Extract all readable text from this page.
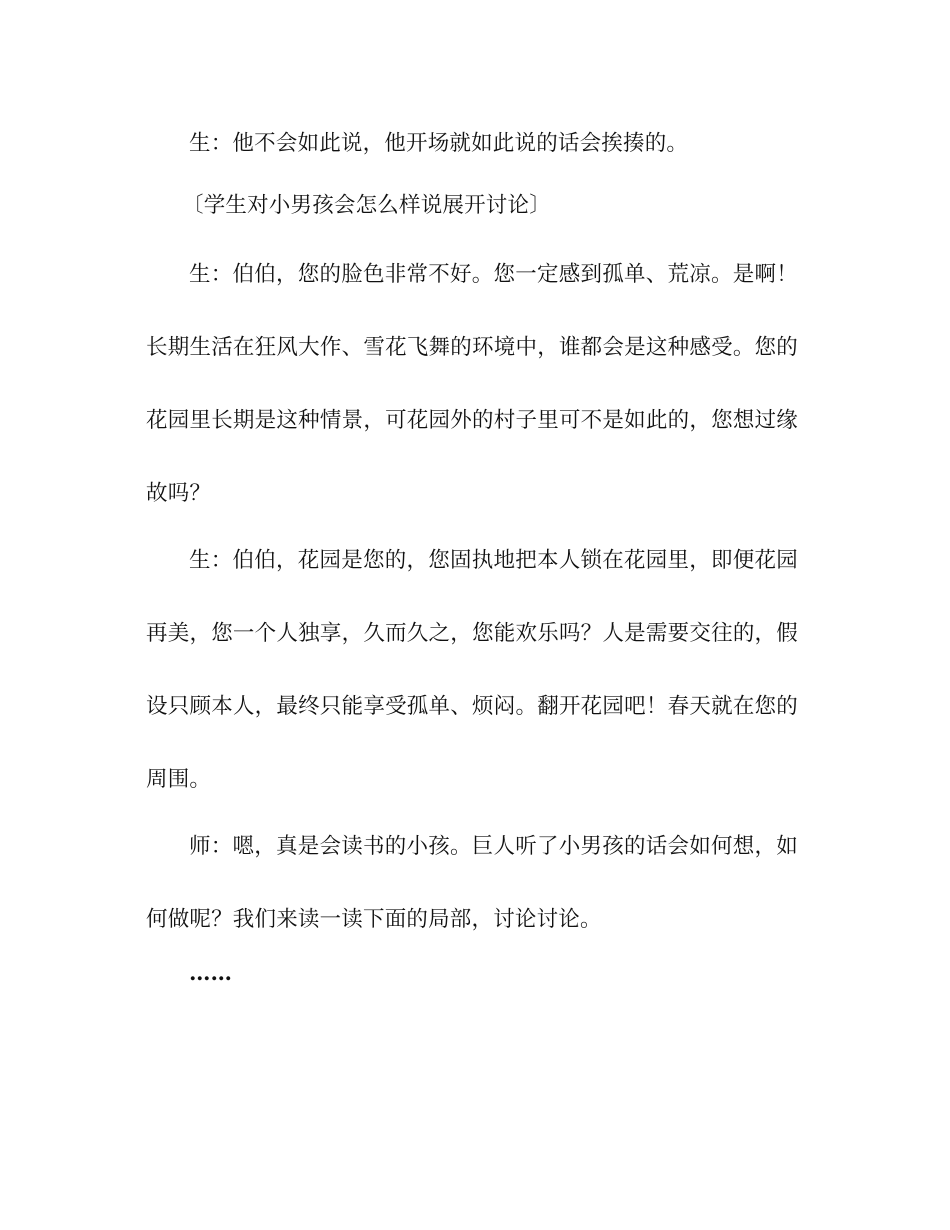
生：他不会如此说，他开场就如此说的话会挨揍的。

〔学生对小男孩会怎么样说展开讨论〕

生：伯伯，您的脸色非常不好。您一定感到孤单、荒凉。是啊！长期生活在狂风大作、雪花飞舞的环境中，谁都会是这种感受。您的花园里长期是这种情景，可花园外的村子里可不是如此的，您想过缘故吗？

生：伯伯，花园是您的，您固执地把本人锁在花园里，即便花园再美，您一个人独享，久而久之，您能欢乐吗？人是需要交往的，假设只顾本人，最终只能享受孤单、烦闷。翻开花园吧！春天就在您的周围。

师：嗯，真是会读书的小孩。巨人听了小男孩的话会如何想，如何做呢？我们来读一读下面的局部，讨论讨论。

……
